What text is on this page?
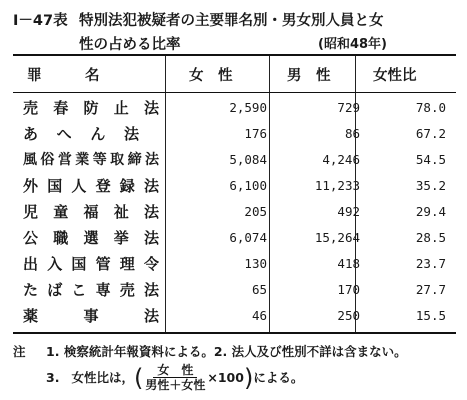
I－47表 特別法犯被疑者の主要罪名別・男女別人員と女
性の占める比率	(昭和48年)
罪　　　名	女　性	男　性	女性比
売春防止法	2,590	729	78.0
あへん法	176	86	67.2
風俗営業等取締法	5,084	4,246	54.5
外国人登録法	6,100	11,233	35.2
児童福祉法	205	492	29.4
公職選挙法	6,074	15,264	28.5
出入国管理令	130	418	23.7
たばこ専売法	65	170	27.7
薬事法	46	250	15.5
注 1. 検察統計年報資料による。2. 法人及び性別不詳は含まない。
3. 女性比は， ( $\frac{\text{女　性}}{\text{男性＋女性}} \times 100$ ) による。
